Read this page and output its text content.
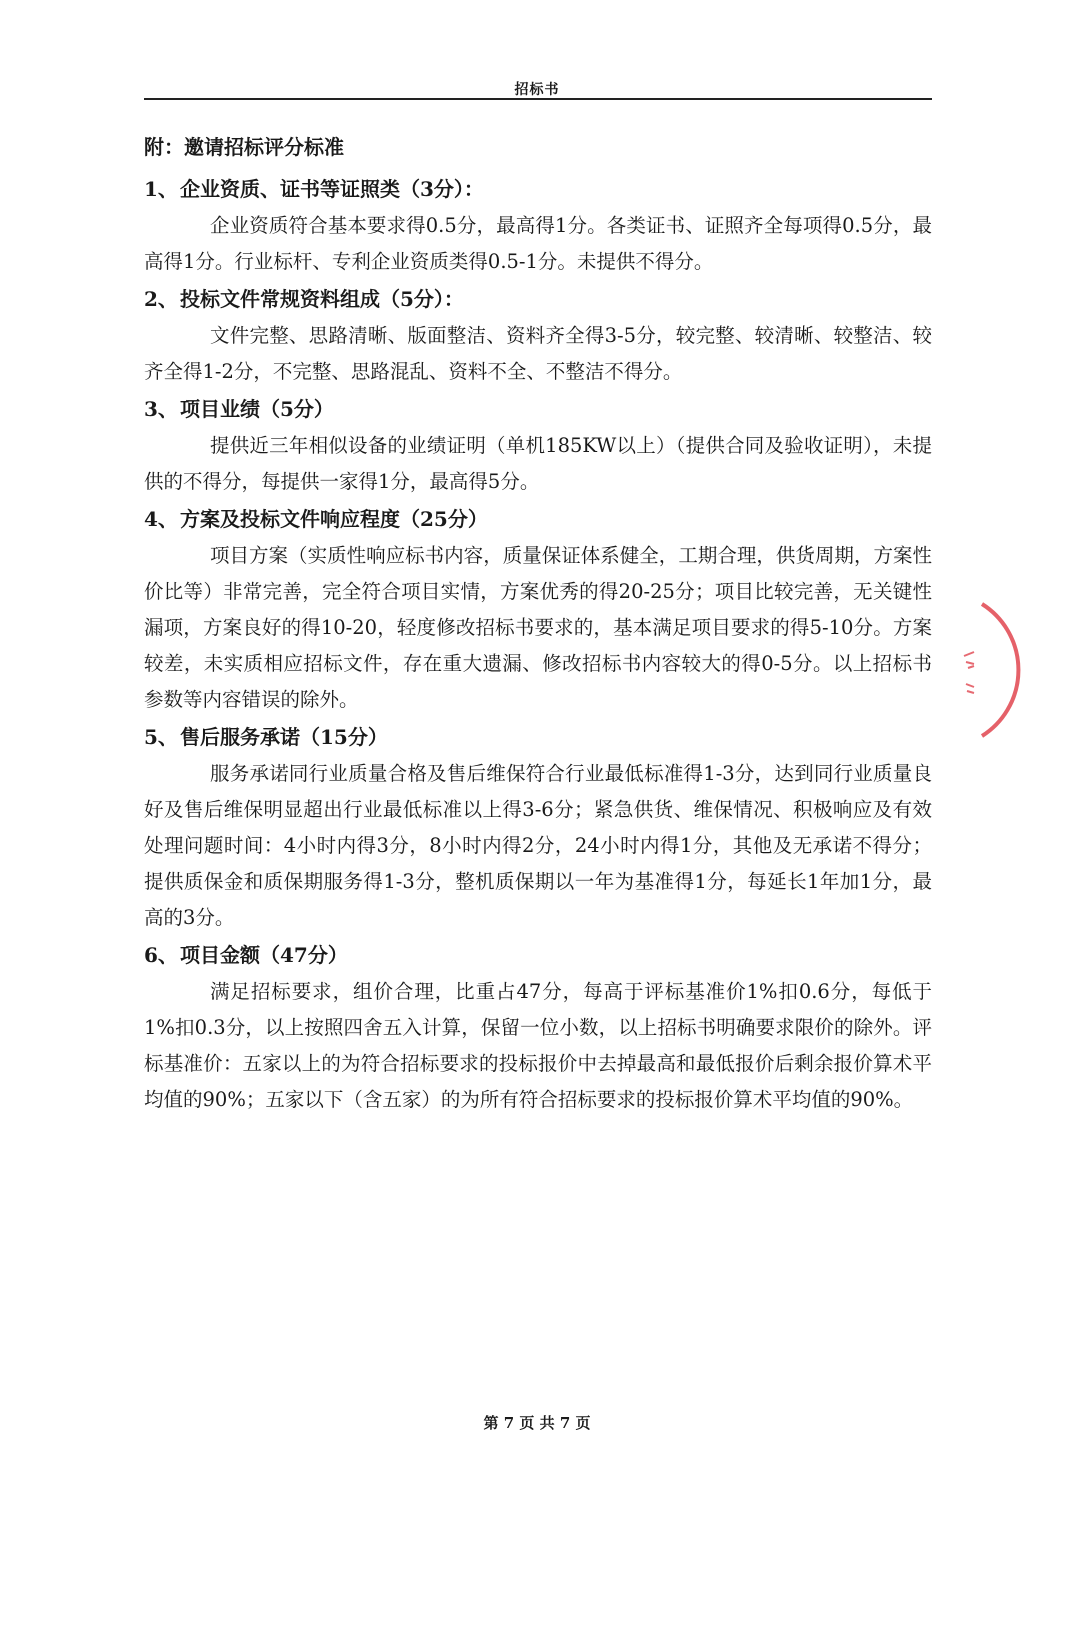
招标书
附：邀请招标评分标准
1、 企业资质、证书等证照类（3分）：

企业资质符合基本要求得0.5分，最高得1分。各类证书、证照齐全每项得0.5分，最高得1分。行业标杆、专利企业资质类得0.5-1分。未提供不得分。

2、 投标文件常规资料组成（5分）：

文件完整、思路清晰、版面整洁、资料齐全得3-5分，较完整、较清晰、较整洁、较齐全得1-2分，不完整、思路混乱、资料不全、不整洁不得分。

3、 项目业绩（5分）

提供近三年相似设备的业绩证明（单机185KW以上）（提供合同及验收证明），未提供的不得分，每提供一家得1分，最高得5分。

4、 方案及投标文件响应程度（25分）

项目方案（实质性响应标书内容，质量保证体系健全，工期合理，供货周期，方案性价比等）非常完善，完全符合项目实情，方案优秀的得20-25分；项目比较完善，无关键性漏项，方案良好的得10-20，轻度修改招标书要求的，基本满足项目要求的得5-10分。方案较差，未实质相应招标文件，存在重大遗漏、修改招标书内容较大的得0-5分。以上招标书参数等内容错误的除外。

5、 售后服务承诺（15分）

服务承诺同行业质量合格及售后维保符合行业最低标准得1-3分，达到同行业质量良好及售后维保明显超出行业最低标准以上得3-6分；紧急供货、维保情况、积极响应及有效处理问题时间：4小时内得3分，8小时内得2分，24小时内得1分，其他及无承诺不得分；提供质保金和质保期服务得1-3分，整机质保期以一年为基准得1分，每延长1年加1分，最高的3分。

6、 项目金额（47分）

满足招标要求，组价合理，比重占47分，每高于评标基准价1%扣0.6分，每低于1%扣0.3分，以上按照四舍五入计算，保留一位小数，以上招标书明确要求限价的除外。评标基准价：五家以上的为符合招标要求的投标报价中去掉最高和最低报价后剩余报价算术平均值的90%；五家以下（含五家）的为所有符合招标要求的投标报价算术平均值的90%。

第 7 页 共 7 页
